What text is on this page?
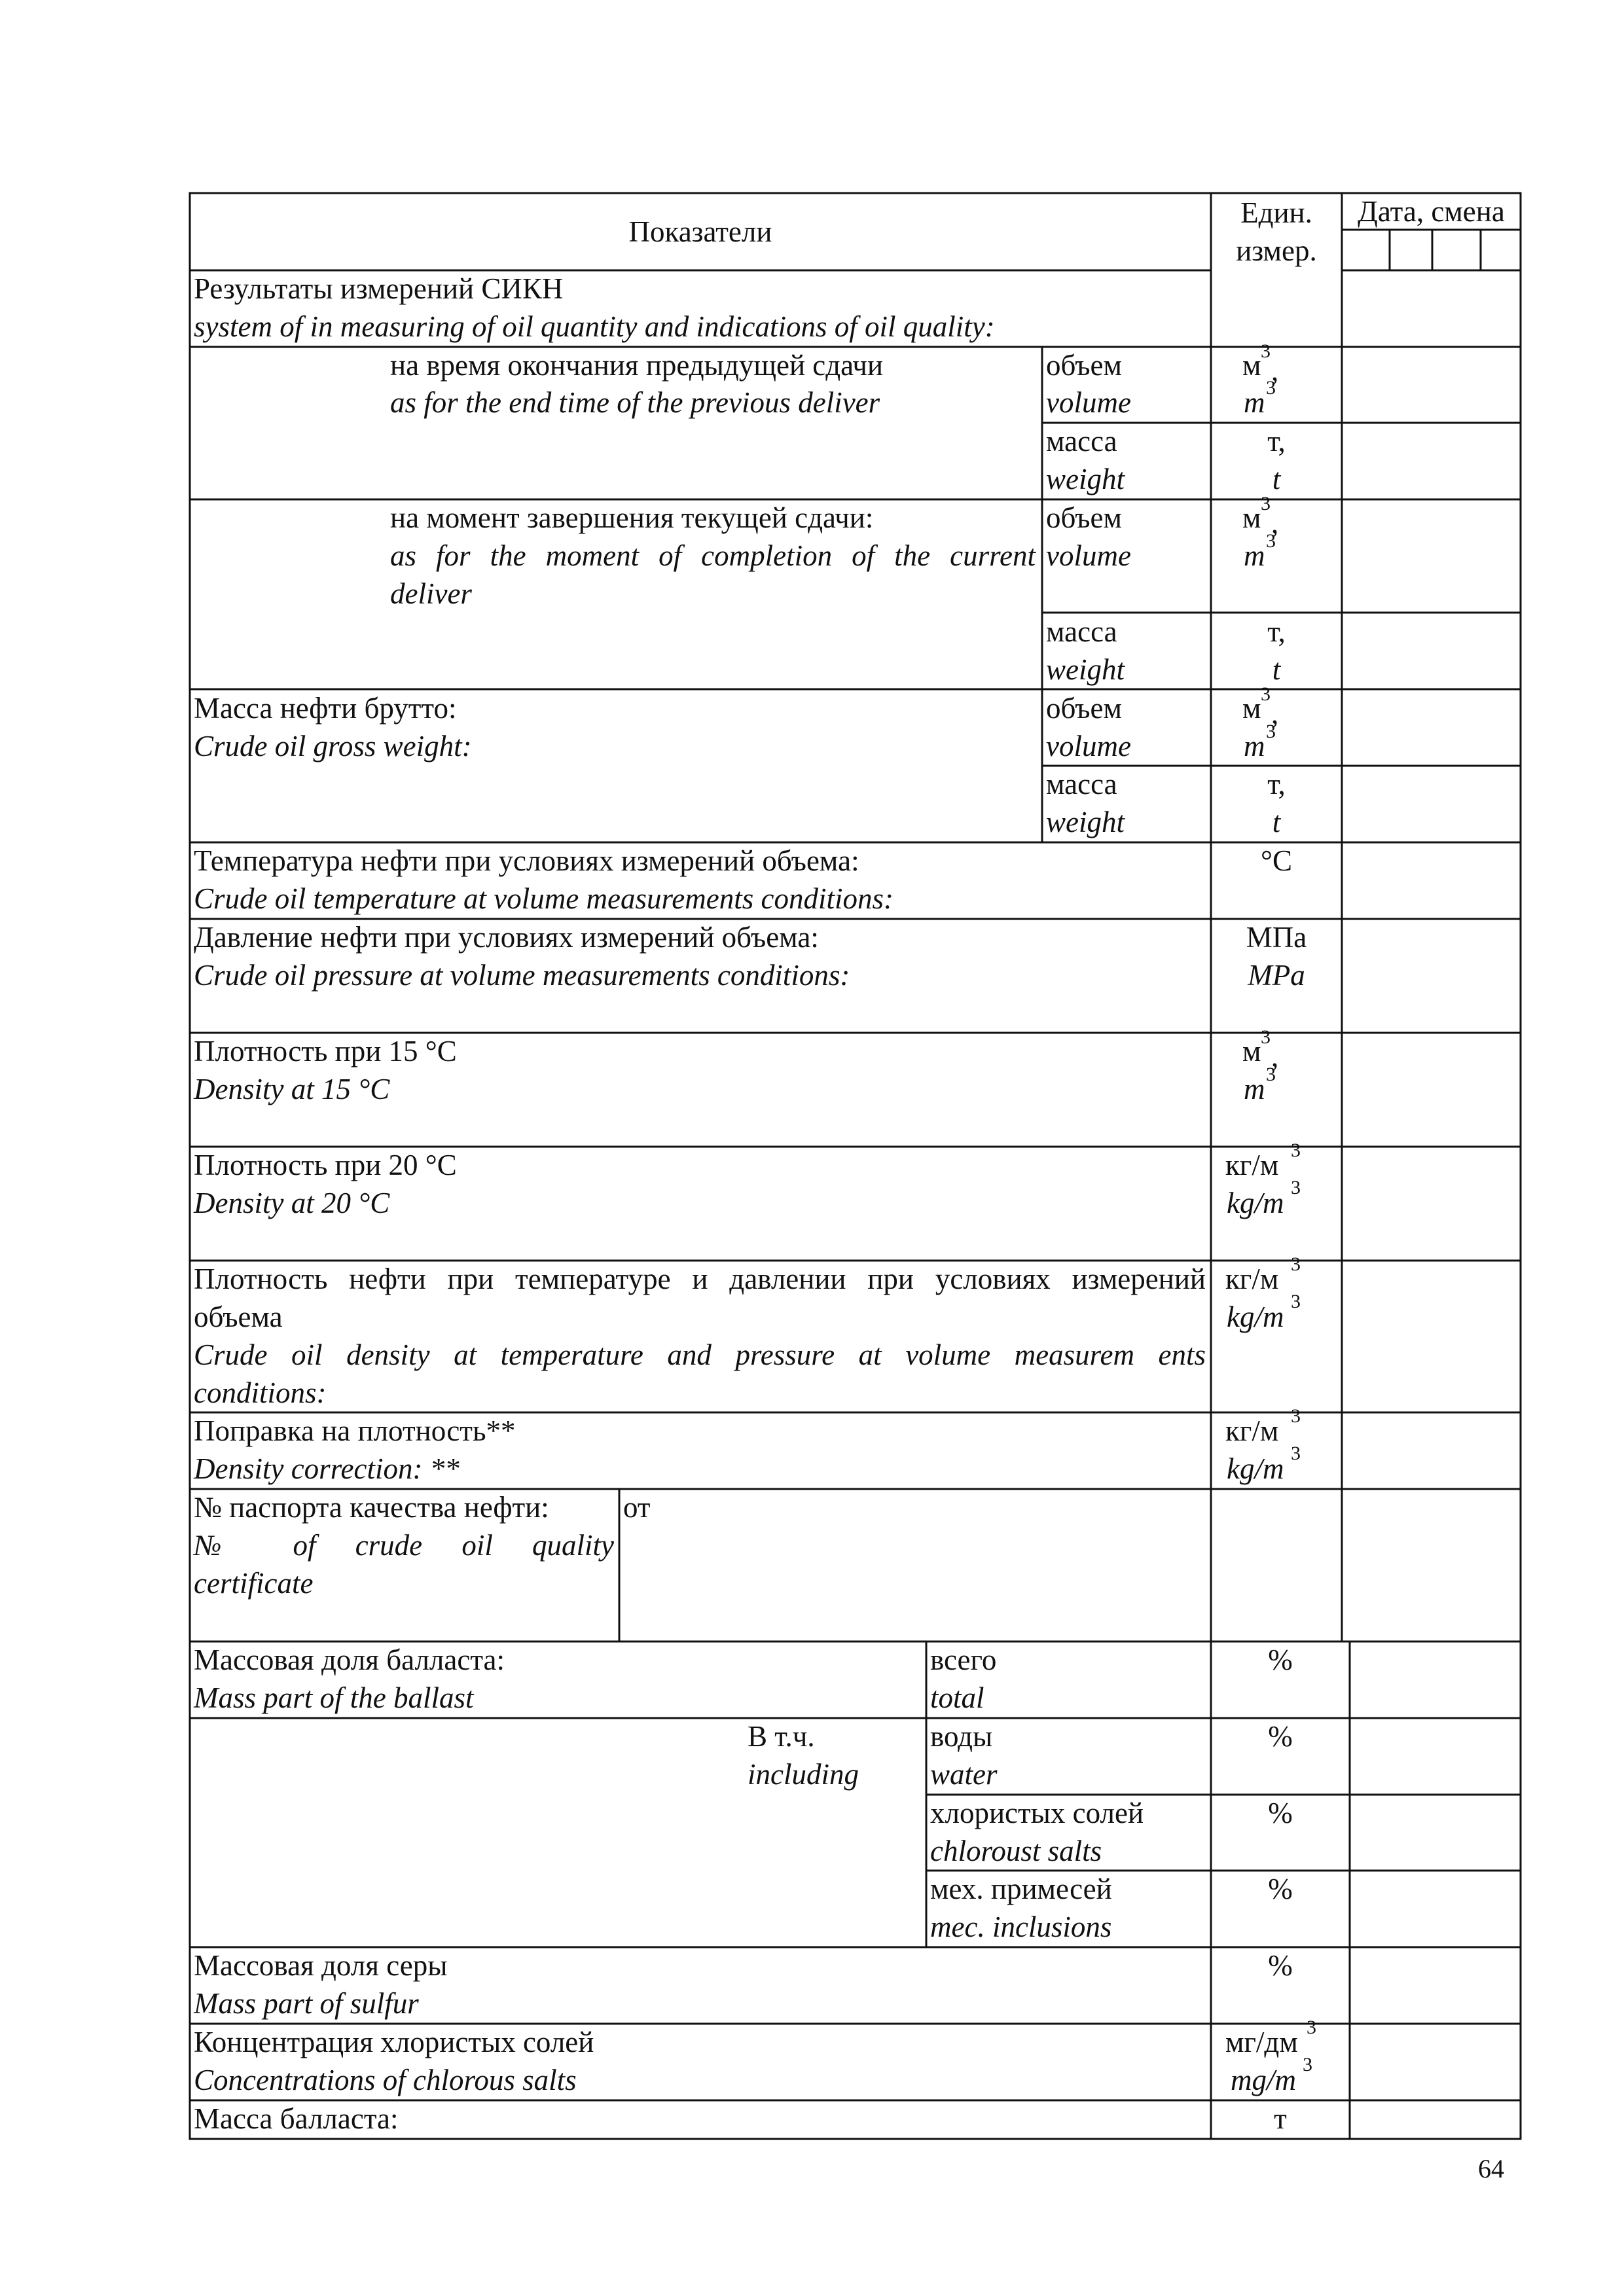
Показатели
Един.
измер.
Дата, смена
Результаты измерений СИКН
system of in measuring of oil quantity and indications of oil quality:
на время окончания предыдущей сдачи
as for the end time of the previous deliver
объем
volume
м 3
,
m 3
масса
weight
т,
t
на момент завершения текущей сдачи:
as for the moment of completion of the current
deliver
объем
volume
м 3
,
m 3
масса
weight
т,
t
Масса нефти брутто:
Crude oil gross weight:
объем
volume
м 3
,
m 3
масса
weight
т,
t
Температура нефти при условиях измерений объема:
Crude oil temperature at volume measurements conditions:
°С
Давление нефти при условиях измерений объема:
Crude oil pressure at volume measurements conditions:
МПа
MPa
Плотность при 15 °С
Density at 15 °С
м 3
,
m 3
Плотность при 20 °С
Density at 20 °С
кг/м 3
kg/m 3
Плотность нефти при температуре и давлении при условиях измерений
объема
Crude oil density at temperature and pressure at volume measurem ents
conditions:
кг/м 3
kg/m 3
Поправка на плотность**
Density correction: **
кг/м 3
kg/m 3
№ паспорта качества нефти:
№ of crude oil quality
certificate
от
Массовая доля балласта:
Mass part of the ballast
всего
total
%
В т.ч.
including
воды
water
%
хлористых солей
chloroust salts
%
мех. примесей
mec. inclusions
%
Массовая доля серы
Mass part of sulfur
%
Концентрация хлористых солей
Concentrations of chlorous salts
мг/дм 3
mg/m 3
Масса балласта:	т
64
